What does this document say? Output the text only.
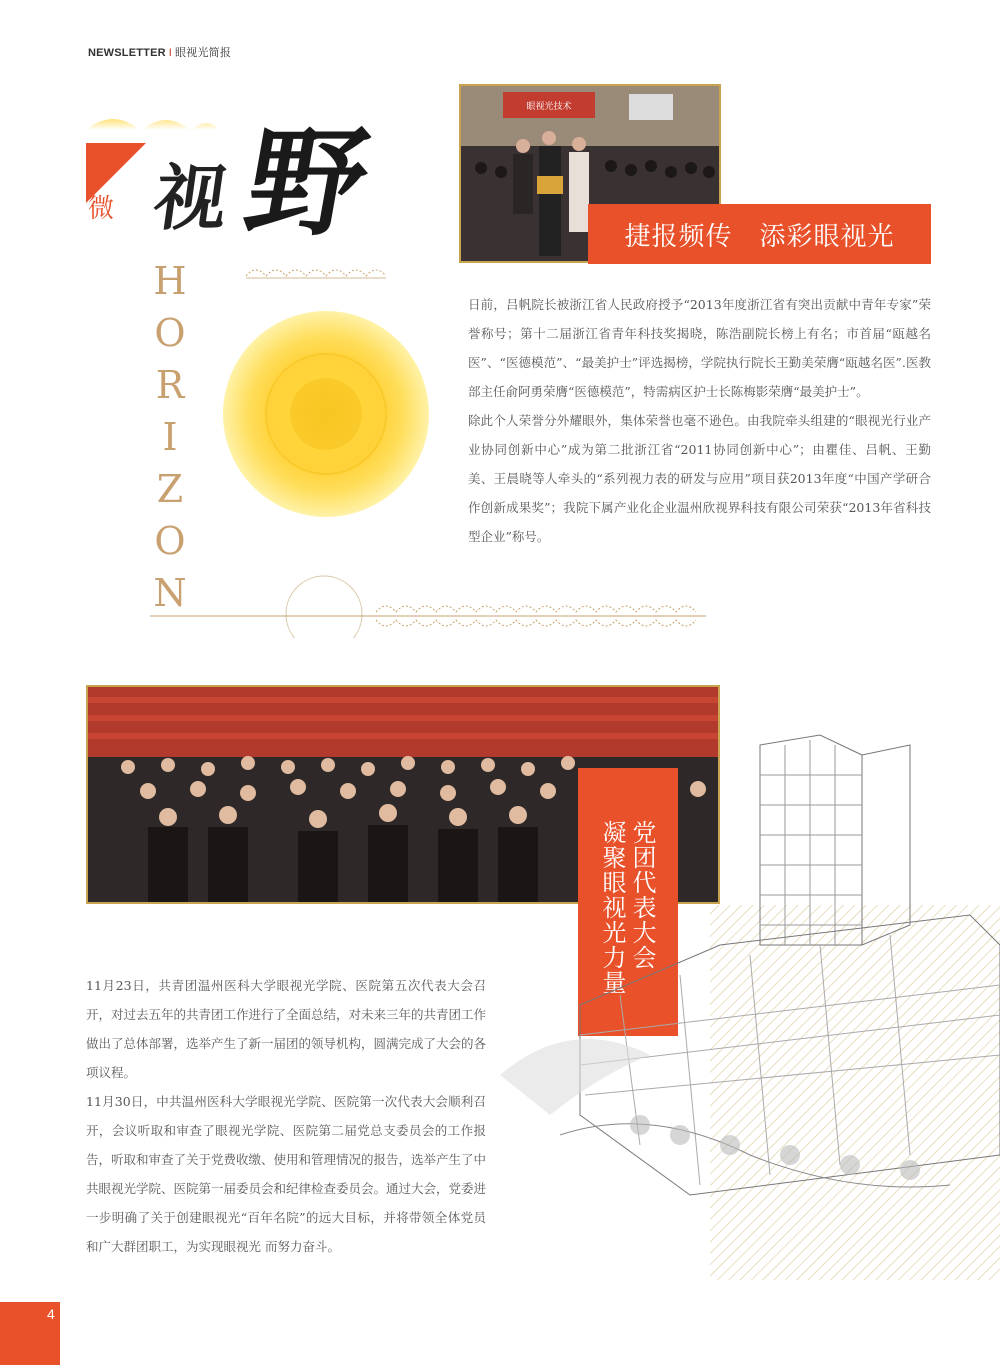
NEWSLETTER I 眼视光简报
微 视 野
H
O
R
I
Z
O
N
眼视光技术
捷报频传　添彩眼视光

日前，吕帆院长被浙江省人民政府授予“2013年度浙江省有突出贡献中青年专家”荣誉称号；第十二届浙江省青年科技奖揭晓，陈浩副院长榜上有名；市首届“瓯越名医”、“医德模范”、“最美护士”评选揭榜，学院执行院长王勤美荣膺“瓯越名医”.医教部主任俞阿勇荣膺“医德模范”，特需病区护士长陈梅影荣膺“最美护士”。

除此个人荣誉分外耀眼外，集体荣誉也毫不逊色。由我院牵头组建的“眼视光行业产业协同创新中心”成为第二批浙江省“2011协同创新中心”；由瞿佳、吕帆、王勤美、王晨晓等人牵头的“系列视力表的研发与应用”项目获2013年度“中国产学研合作创新成果奖”；我院下属产业化企业温州欣视界科技有限公司荣获“2013年省科技型企业”称号。

党团代表大会
凝聚眼视光力量

11月23日，共青团温州医科大学眼视光学院、医院第五次代表大会召开，对过去五年的共青团工作进行了全面总结，对未来三年的共青团工作做出了总体部署，选举产生了新一届团的领导机构，圆满完成了大会的各项议程。

11月30日，中共温州医科大学眼视光学院、医院第一次代表大会顺利召开，会议听取和审查了眼视光学院、医院第二届党总支委员会的工作报告，听取和审查了关于党费收缴、使用和管理情况的报告，选举产生了中共眼视光学院、医院第一届委员会和纪律检查委员会。通过大会，党委进一步明确了关于创建眼视光“百年名院”的远大目标，并将带领全体党员和广大群团职工，为实现眼视光 而努力奋斗。

4
